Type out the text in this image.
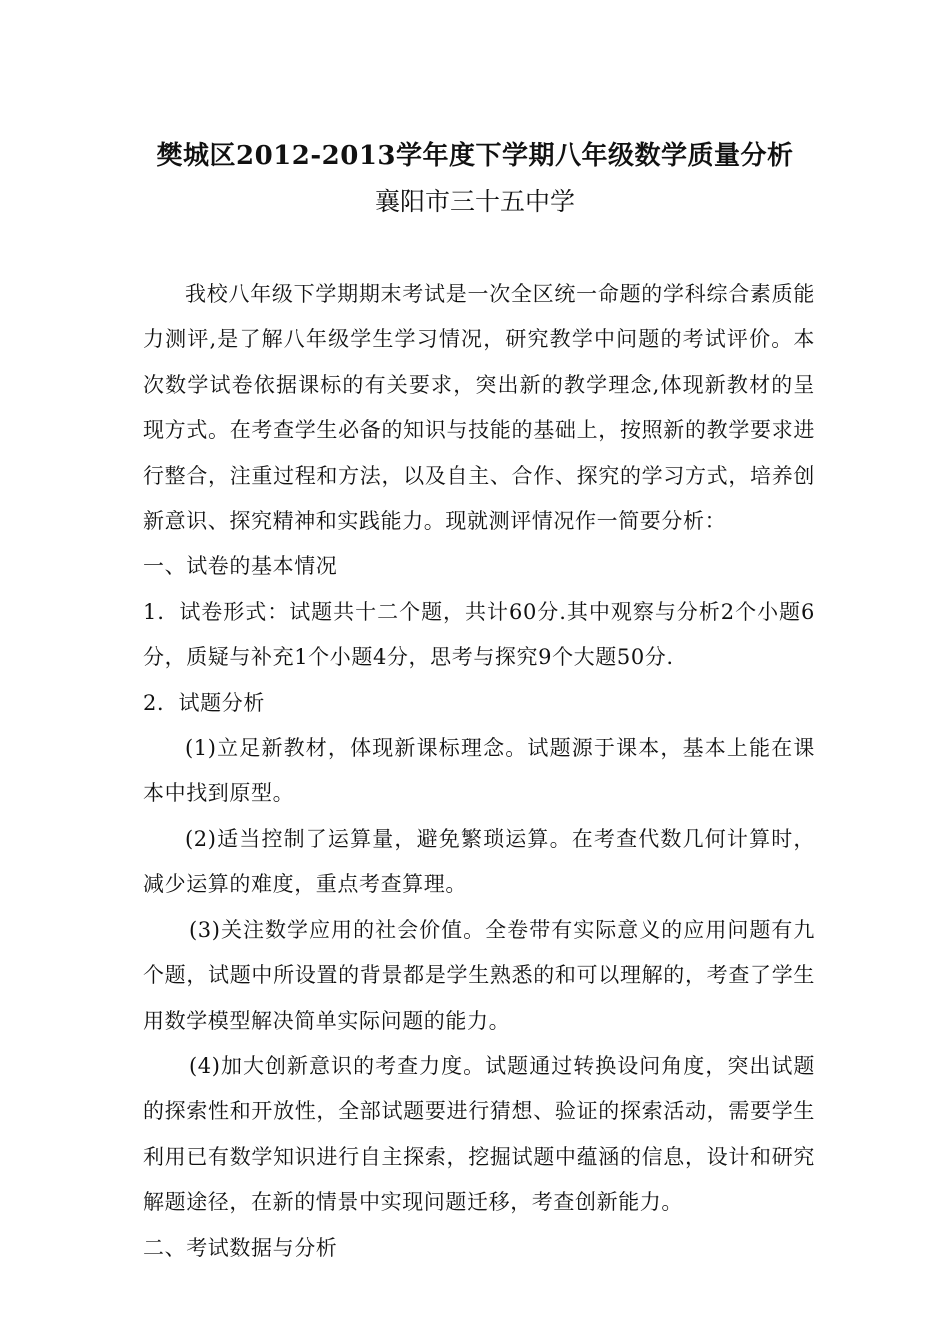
樊城区2012-2013学年度下学期八年级数学质量分析
襄阳市三十五中学

我校八年级下学期期末考试是一次全区统一命题的学科综合素质能力测评,是了解八年级学生学习情况，研究教学中问题的考试评价。本次数学试卷依据课标的有关要求，突出新的教学理念,体现新教材的呈现方式。在考查学生必备的知识与技能的基础上，按照新的教学要求进行整合，注重过程和方法，以及自主、合作、探究的学习方式，培养创新意识、探究精神和实践能力。现就测评情况作一简要分析：

一、试卷的基本情况

1．试卷形式：试题共十二个题，共计60分.其中观察与分析2个小题6分，质疑与补充1个小题4分，思考与探究9个大题50分.

2．试题分析

(1)立足新教材，体现新课标理念。试题源于课本，基本上能在课本中找到原型。

(2)适当控制了运算量，避免繁琐运算。在考查代数几何计算时，减少运算的难度，重点考查算理。

(3)关注数学应用的社会价值。全卷带有实际意义的应用问题有九个题，试题中所设置的背景都是学生熟悉的和可以理解的，考查了学生用数学模型解决简单实际问题的能力。

(4)加大创新意识的考查力度。试题通过转换设问角度，突出试题的探索性和开放性，全部试题要进行猜想、验证的探索活动，需要学生利用已有数学知识进行自主探索，挖掘试题中蕴涵的信息，设计和研究解题途径，在新的情景中实现问题迁移，考查创新能力。

二、考试数据与分析
